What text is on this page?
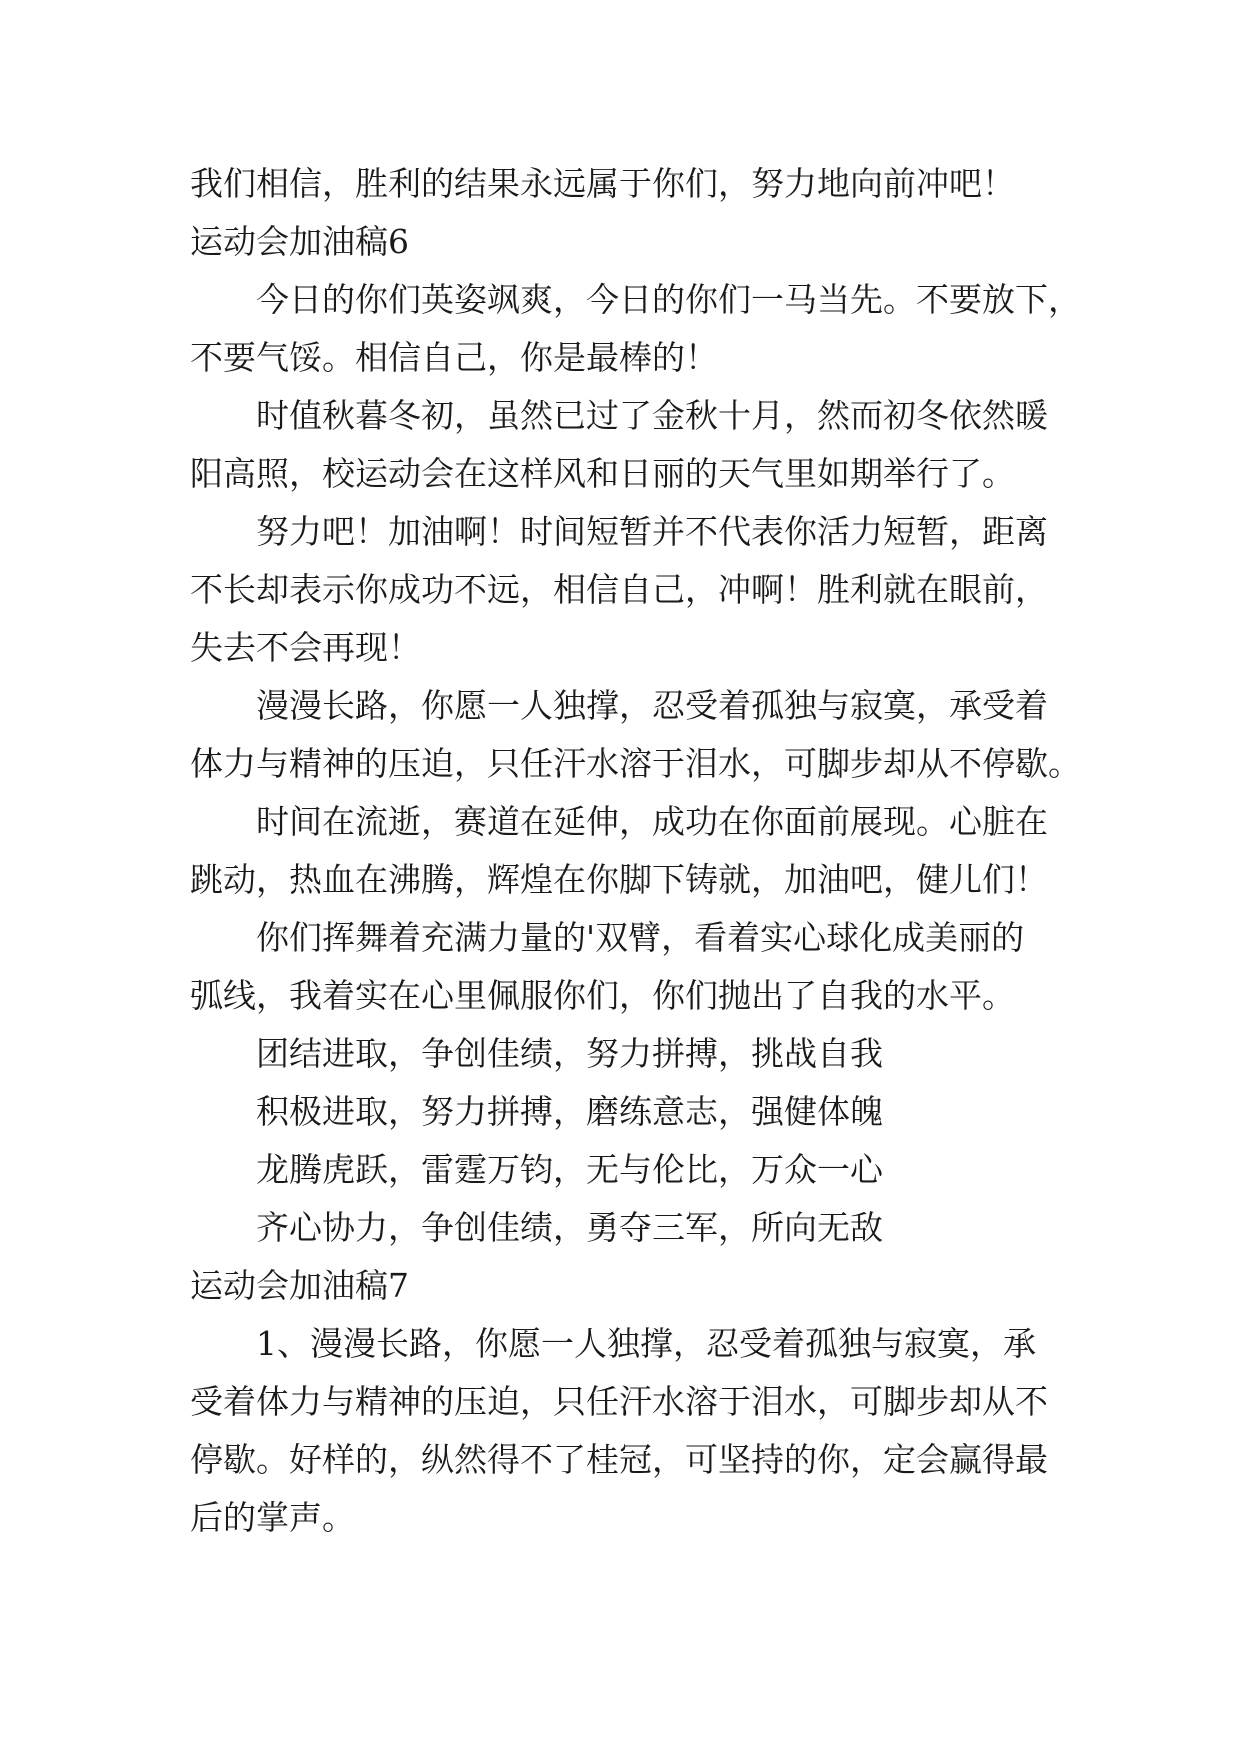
我们相信，胜利的结果永远属于你们，努力地向前冲吧！
运动会加油稿6
今日的你们英姿飒爽，今日的你们一马当先。不要放下，
不要气馁。相信自己，你是最棒的！
时值秋暮冬初，虽然已过了金秋十月，然而初冬依然暖
阳高照，校运动会在这样风和日丽的天气里如期举行了。
努力吧！加油啊！时间短暂并不代表你活力短暂，距离
不长却表示你成功不远，相信自己，冲啊！胜利就在眼前，
失去不会再现！
漫漫长路，你愿一人独撑，忍受着孤独与寂寞，承受着
体力与精神的压迫，只任汗水溶于泪水，可脚步却从不停歇。
时间在流逝，赛道在延伸，成功在你面前展现。心脏在
跳动，热血在沸腾，辉煌在你脚下铸就，加油吧，健儿们！
你们挥舞着充满力量的'双臂，看着实心球化成美丽的
弧线，我着实在心里佩服你们，你们抛出了自我的水平。
团结进取，争创佳绩，努力拼搏，挑战自我
积极进取，努力拼搏，磨练意志，强健体魄
龙腾虎跃，雷霆万钧，无与伦比，万众一心
齐心协力，争创佳绩，勇夺三军，所向无敌
运动会加油稿7
1、漫漫长路，你愿一人独撑，忍受着孤独与寂寞，承
受着体力与精神的压迫，只任汗水溶于泪水，可脚步却从不
停歇。好样的，纵然得不了桂冠，可坚持的你，定会赢得最
后的掌声。
